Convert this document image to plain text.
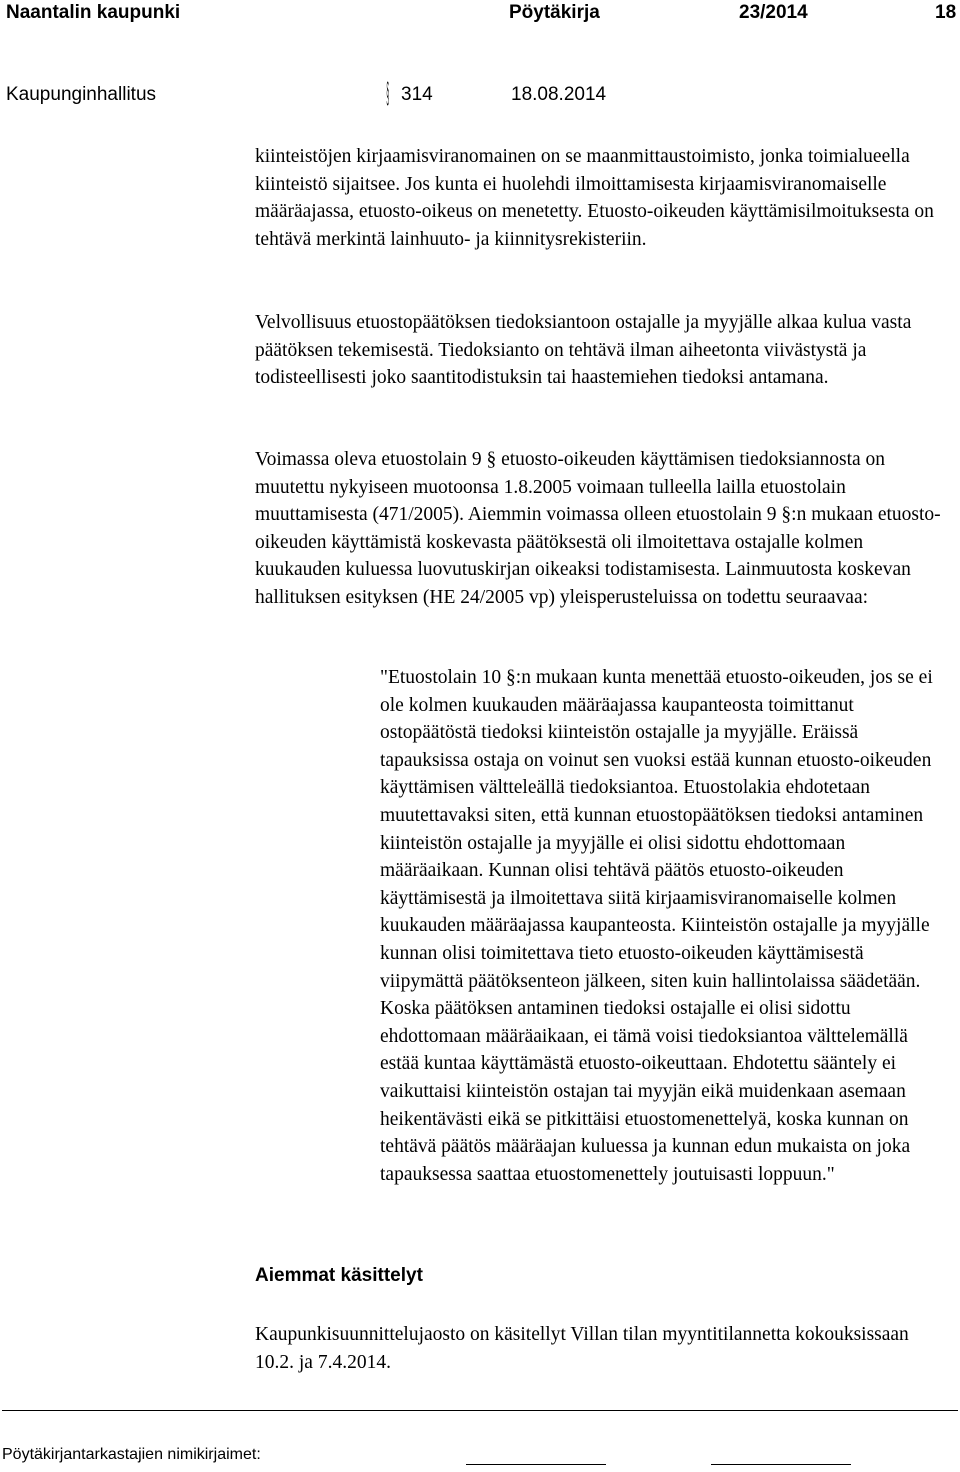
Naantalin kaupunki	Pöytäkirja	23/2014	18
Kaupunginhallitus	§ 314	18.08.2014

kiinteistöjen kirjaamisviranomainen on se maanmittaustoimisto, jonka toimialueella kiinteistö sijaitsee. Jos kunta ei huolehdi ilmoittamisesta kirjaamisviranomaiselle määräajassa, etuosto-oikeus on menetetty. Etuosto-oikeuden käyttämisilmoituksesta on tehtävä merkintä lainhuuto- ja kiinnitysrekisteriin.

Velvollisuus etuostopäätöksen tiedoksiantoon ostajalle ja myyjälle alkaa kulua vasta päätöksen tekemisestä. Tiedoksianto on tehtävä ilman aiheetonta viivästystä ja todisteellisesti joko saantitodistuksin tai haastemiehen tiedoksi antamana.

Voimassa oleva etuostolain 9 § etuosto-oikeuden käyttämisen tiedoksiannosta on muutettu nykyiseen muotoonsa 1.8.2005 voimaan tulleella lailla etuostolain muuttamisesta (471/2005). Aiemmin voimassa olleen etuostolain 9 §:n mukaan etuosto-oikeuden käyttämistä koskevasta päätöksestä oli ilmoitettava ostajalle kolmen kuukauden kuluessa luovutuskirjan oikeaksi todistamisesta. Lainmuutosta koskevan hallituksen esityksen (HE 24/2005 vp) yleisperusteluissa on todettu seuraavaa:

"Etuostolain 10 §:n mukaan kunta menettää etuosto-oikeuden, jos se ei ole kolmen kuukauden määräajassa kaupanteosta toimittanut ostopäätöstä tiedoksi kiinteistön ostajalle ja myyjälle. Eräissä tapauksissa ostaja on voinut sen vuoksi estää kunnan etuosto-oikeuden käyttämisen vältteleällä tiedoksiantoa. Etuostolakia ehdotetaan muutettavaksi siten, että kunnan etuostopäätöksen tiedoksi antaminen kiinteistön ostajalle ja myyjälle ei olisi sidottu ehdottomaan määräaikaan. Kunnan olisi tehtävä päätös etuosto-oikeuden käyttämisestä ja ilmoitettava siitä kirjaamisviranomaiselle kolmen kuukauden määräajassa kaupanteosta. Kiinteistön ostajalle ja myyjälle kunnan olisi toimitettava tieto etuosto-oikeuden käyttämisestä viipymättä päätöksenteon jälkeen, siten kuin hallintolaissa säädetään. Koska päätöksen antaminen tiedoksi ostajalle ei olisi sidottu ehdottomaan määräaikaan, ei tämä voisi tiedoksiantoa välttelemällä estää kuntaa käyttämästä etuosto-oikeuttaan. Ehdotettu sääntely ei vaikuttaisi kiinteistön ostajan tai myyjän eikä muidenkaan asemaan heikentävästi eikä se pitkittäisi etuostomenettelyä, koska kunnan on tehtävä päätös määräajan kuluessa ja kunnan edun mukaista on joka tapauksessa saattaa etuostomenettely joutuisasti loppuun."

Aiemmat käsittelyt

Kaupunkisuunnittelujaosto on käsitellyt Villan tilan myyntitilannetta kokouksissaan 10.2. ja 7.4.2014.

Pöytäkirjantarkastajien nimikirjaimet:
